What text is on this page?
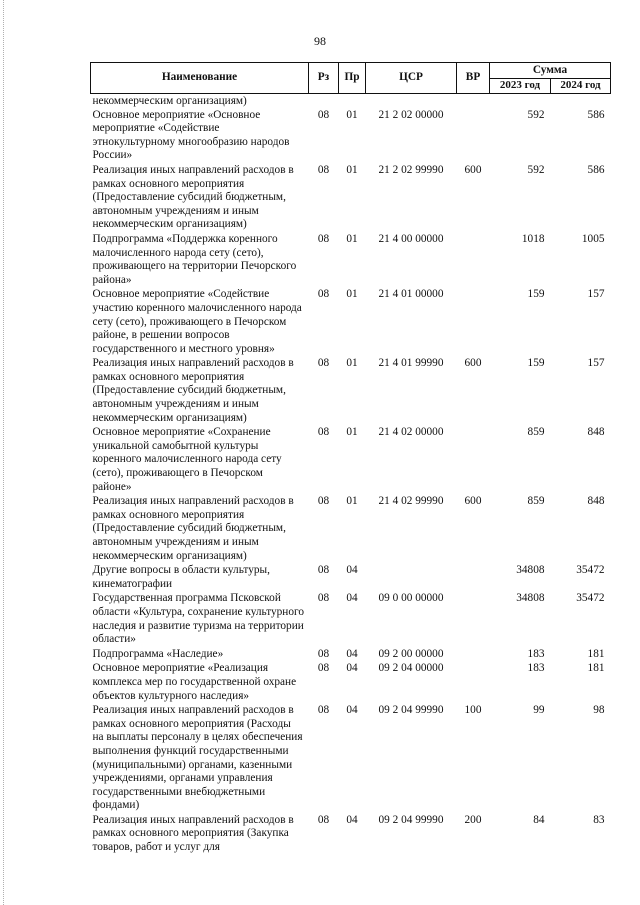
98
Наименование	Рз	Пр	ЦСР	ВР	Сумма	
					2023 год	2024 год
некоммерческим организациям)						
Основное мероприятие «Основное мероприятие «Содействие этнокультурному многообразию народов России»	08	01	21 2 02 00000		592	586
Реализация иных направлений расходов в рамках основного мероприятия (Предоставление субсидий бюджетным, автономным учреждениям и иным некоммерческим организациям)	08	01	21 2 02 99990	600	592	586
Подпрограмма «Поддержка коренного малочисленного народа сету (сето), проживающего на территории Печорского района»	08	01	21 4 00 00000		1018	1005
Основное мероприятие «Содействие участию коренного малочисленного народа сету (сето), проживающего в Печорском районе, в решении вопросов государственного и местного уровня»	08	01	21 4 01 00000		159	157
Реализация иных направлений расходов в рамках основного мероприятия (Предоставление субсидий бюджетным, автономным учреждениям и иным некоммерческим организациям)	08	01	21 4 01 99990	600	159	157
Основное мероприятие «Сохранение уникальной самобытной культуры коренного малочисленного народа сету (сето), проживающего в Печорском районе»	08	01	21 4 02 00000		859	848
Реализация иных направлений расходов в рамках основного мероприятия (Предоставление субсидий бюджетным, автономным учреждениям и иным некоммерческим организациям)	08	01	21 4 02 99990	600	859	848
Другие вопросы в области культуры, кинематографии	08	04			34808	35472
Государственная программа Псковской области «Культура, сохранение культурного наследия и развитие туризма на территории области»	08	04	09 0 00 00000		34808	35472
Подпрограмма «Наследие»	08	04	09 2 00 00000		183	181
Основное мероприятие «Реализация комплекса мер по государственной охране объектов культурного наследия»	08	04	09 2 04 00000		183	181
Реализация иных направлений расходов в рамках основного мероприятия (Расходы на выплаты персоналу в целях обеспечения выполнения функций государственными (муниципальными) органами, казенными учреждениями, органами управления государственными внебюджетными фондами)	08	04	09 2 04 99990	100	99	98
Реализация иных направлений расходов в рамках основного мероприятия (Закупка товаров, работ и услуг для	08	04	09 2 04 99990	200	84	83
